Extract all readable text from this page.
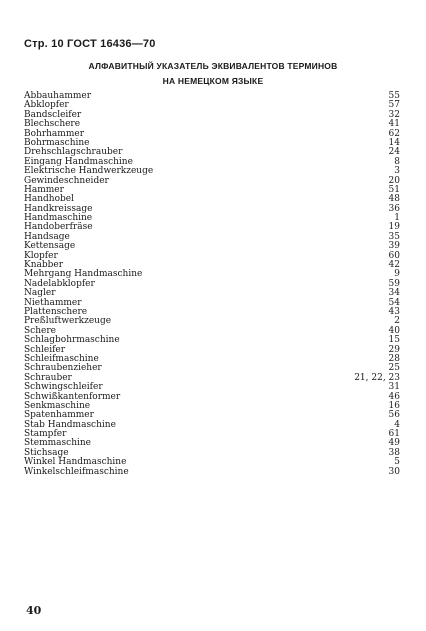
Стр. 10 ГОСТ 16436—70
АЛФАВИТНЫЙ УКАЗАТЕЛЬ ЭКВИВАЛЕНТОВ ТЕРМИНОВ
НА НЕМЕЦКОМ ЯЗЫКЕ
Abbauhammer	55
Abklopfer	57
Bandscleifer	32
Blechschere	41
Bohrhammer	62
Bohrmaschine	14
Drehschlagschrauber	24
Eingang Handmaschine	8
Elektrische Handwerkzeuge	3
Gewindeschneider	20
Hammer	51
Handhobel	48
Handkreissage	36
Handmaschine	1
Handoberfräse	19
Handsage	35
Kettensage	39
Klopfer	60
Knabber	42
Mehrgang Handmaschine	9
Nadelabklopfer	59
Nagler	34
Niethammer	54
Plattenschere	43
Preßluftwerkzeuge	2
Schere	40
Schlagbohrmaschine	15
Schleifer	29
Schleifmaschine	28
Schraubenzieher	25
Schrauber	21, 22, 23
Schwingschleifer	31
Schwißkantenformer	46
Senkmaschine	16
Spatenhammer	56
Stab Handmaschine	4
Stampfer	61
Stemmaschine	49
Stichsage	38
Winkel Handmaschine	5
Winkelschleifmaschine	30
40
